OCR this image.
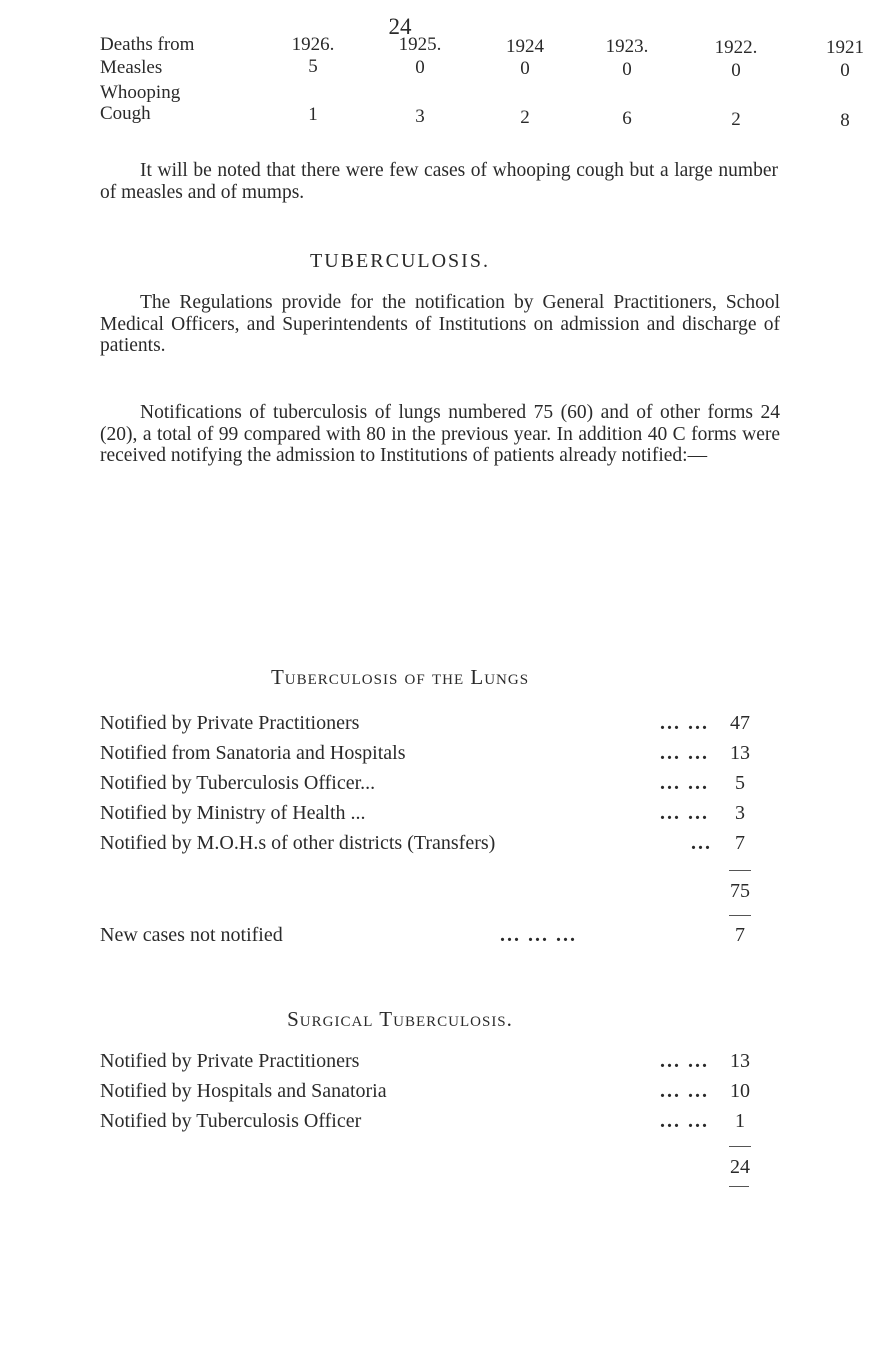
24
Deaths from	1926.	1925.	1924	1923.	1922.	1921
Measles	5	0	0	0	0	0
Whooping
Cough	1	3	2	6	2	8

It will be noted that there were few cases of whooping cough but a large number of measles and of mumps.

TUBERCULOSIS.

The Regulations provide for the notification by General Practitioners, School Medical Officers, and Superintendents of Institutions on admission and discharge of patients.

Notifications of tuberculosis of lungs numbered 75 (60) and of other forms 24 (20), a total of 99 compared with 80 in the previous year. In addition 40 C forms were received notifying the admission to Institutions of patients already notified:—

Tuberculosis of the Lungs
Notified by Private Practitioners	... ...	47
Notified from Sanatoria and Hospitals	... ...	13
Notified by Tuberculosis Officer...	... ...	5
Notified by Ministry of Health ...	... ...	3
Notified by M.O.H.s of other districts (Transfers)	...	7
75
New cases not notified	... ... ...	7
Surgical Tuberculosis.
Notified by Private Practitioners	... ...	13
Notified by Hospitals and Sanatoria	... ...	10
Notified by Tuberculosis Officer	... ...	1
24
